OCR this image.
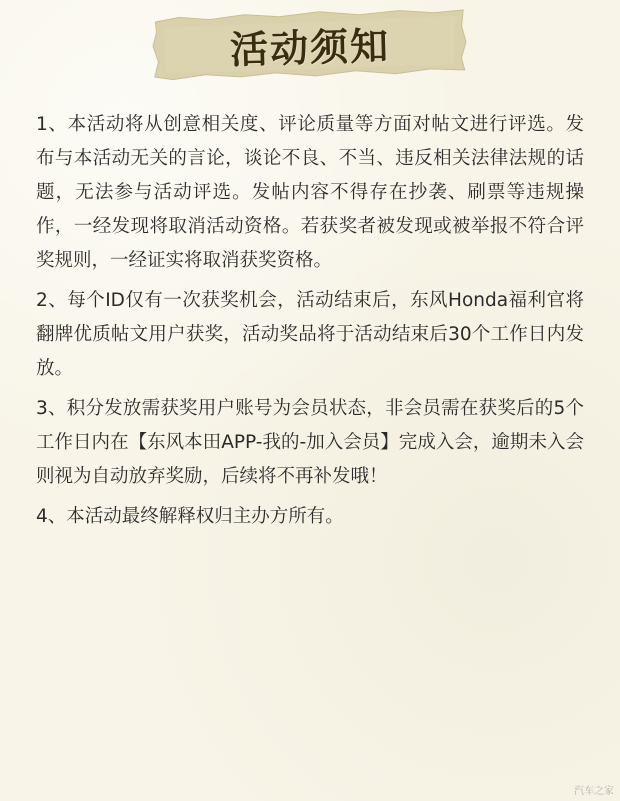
活动须知

1、本活动将从创意相关度、评论质量等方面对帖文进行评选。发布与本活动无关的言论，谈论不良、不当、违反相关法律法规的话题，无法参与活动评选。发帖内容不得存在抄袭、刷票等违规操作，一经发现将取消活动资格。若获奖者被发现或被举报不符合评奖规则，一经证实将取消获奖资格。

2、每个ID仅有一次获奖机会，活动结束后，东风Honda福利官将翻牌优质帖文用户获奖，活动奖品将于活动结束后30个工作日内发放。

3、积分发放需获奖用户账号为会员状态，非会员需在获奖后的5个工作日内在【东风本田APP-我的-加入会员】完成入会，逾期未入会则视为自动放弃奖励，后续将不再补发哦！

4、本活动最终解释权归主办方所有。

汽车之家
